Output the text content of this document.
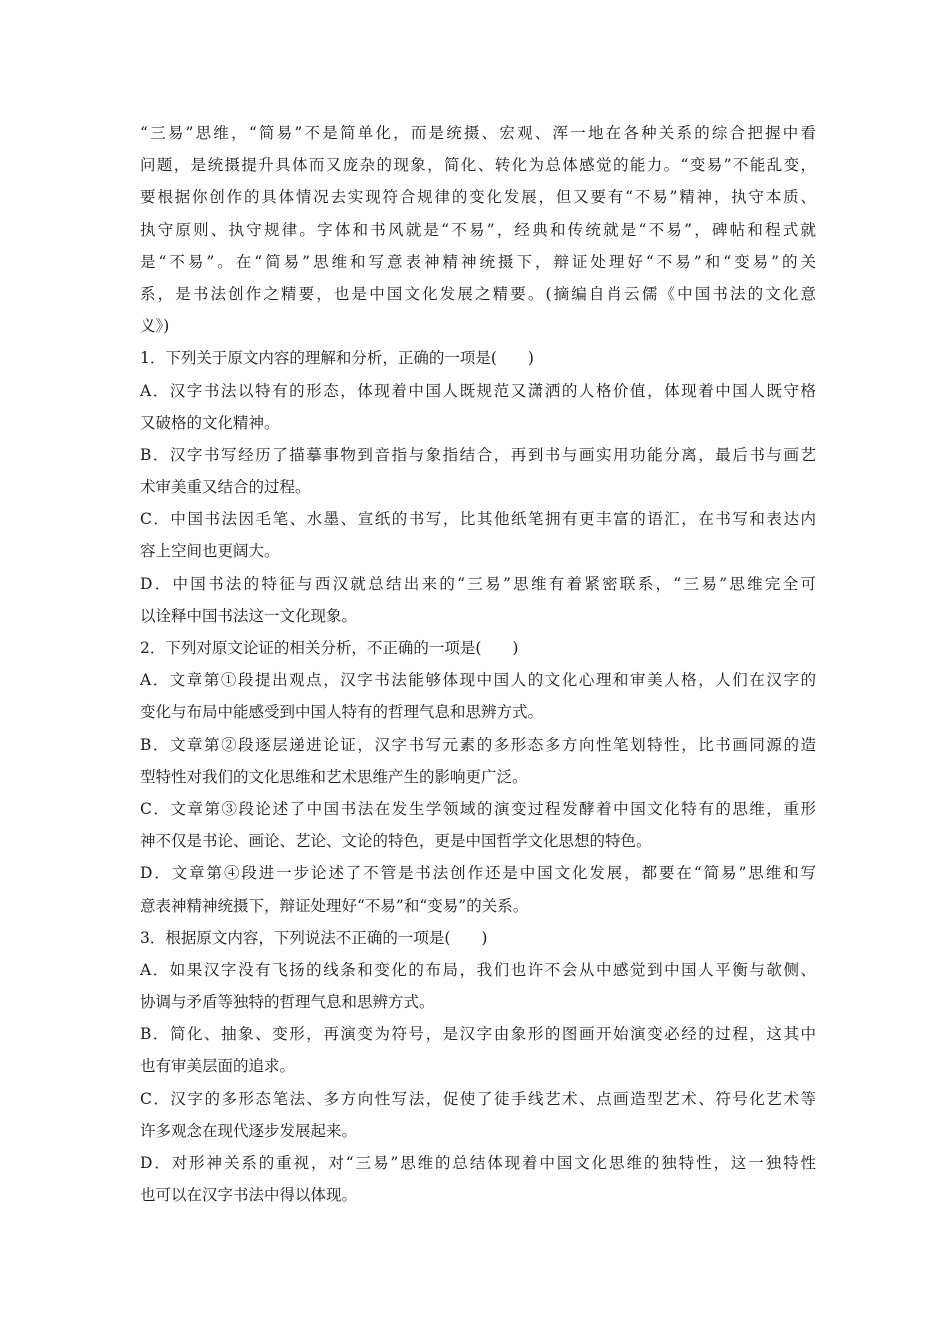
“三易”思维，“简易”不是简单化，而是统摄、宏观、浑一地在各种关系的综合把握中看
问题，是统摄提升具体而又庞杂的现象，简化、转化为总体感觉的能力。“变易”不能乱变，
要根据你创作的具体情况去实现符合规律的变化发展，但又要有“不易”精神，执守本质、
执守原则、执守规律。字体和书风就是“不易”，经典和传统就是“不易”，碑帖和程式就
是“不易”。在“简易”思维和写意表神精神统摄下，辩证处理好“不易”和“变易”的关
系，是书法创作之精要，也是中国文化发展之精要。(摘编自肖云儒《中国书法的文化意
义》)
1．下列关于原文内容的理解和分析，正确的一项是(　　)
A．汉字书法以特有的形态，体现着中国人既规范又潇洒的人格价值，体现着中国人既守格
又破格的文化精神。
B．汉字书写经历了描摹事物到音指与象指结合，再到书与画实用功能分离，最后书与画艺
术审美重又结合的过程。
C．中国书法因毛笔、水墨、宣纸的书写，比其他纸笔拥有更丰富的语汇，在书写和表达内
容上空间也更阔大。
D．中国书法的特征与西汉就总结出来的“三易”思维有着紧密联系，“三易”思维完全可
以诠释中国书法这一文化现象。
2．下列对原文论证的相关分析，不正确的一项是(　　)
A．文章第①段提出观点，汉字书法能够体现中国人的文化心理和审美人格，人们在汉字的
变化与布局中能感受到中国人特有的哲理气息和思辨方式。
B．文章第②段逐层递进论证，汉字书写元素的多形态多方向性笔划特性，比书画同源的造
型特性对我们的文化思维和艺术思维产生的影响更广泛。
C．文章第③段论述了中国书法在发生学领域的演变过程发酵着中国文化特有的思维，重形
神不仅是书论、画论、艺论、文论的特色，更是中国哲学文化思想的特色。
D．文章第④段进一步论述了不管是书法创作还是中国文化发展，都要在“简易”思维和写
意表神精神统摄下，辩证处理好“不易”和“变易”的关系。
3．根据原文内容，下列说法不正确的一项是(　　)
A．如果汉字没有飞扬的线条和变化的布局，我们也许不会从中感觉到中国人平衡与欹侧、
协调与矛盾等独特的哲理气息和思辨方式。
B．简化、抽象、变形，再演变为符号，是汉字由象形的图画开始演变必经的过程，这其中
也有审美层面的追求。
C．汉字的多形态笔法、多方向性写法，促使了徒手线艺术、点画造型艺术、符号化艺术等
许多观念在现代逐步发展起来。
D．对形神关系的重视，对“三易”思维的总结体现着中国文化思维的独特性，这一独特性
也可以在汉字书法中得以体现。
